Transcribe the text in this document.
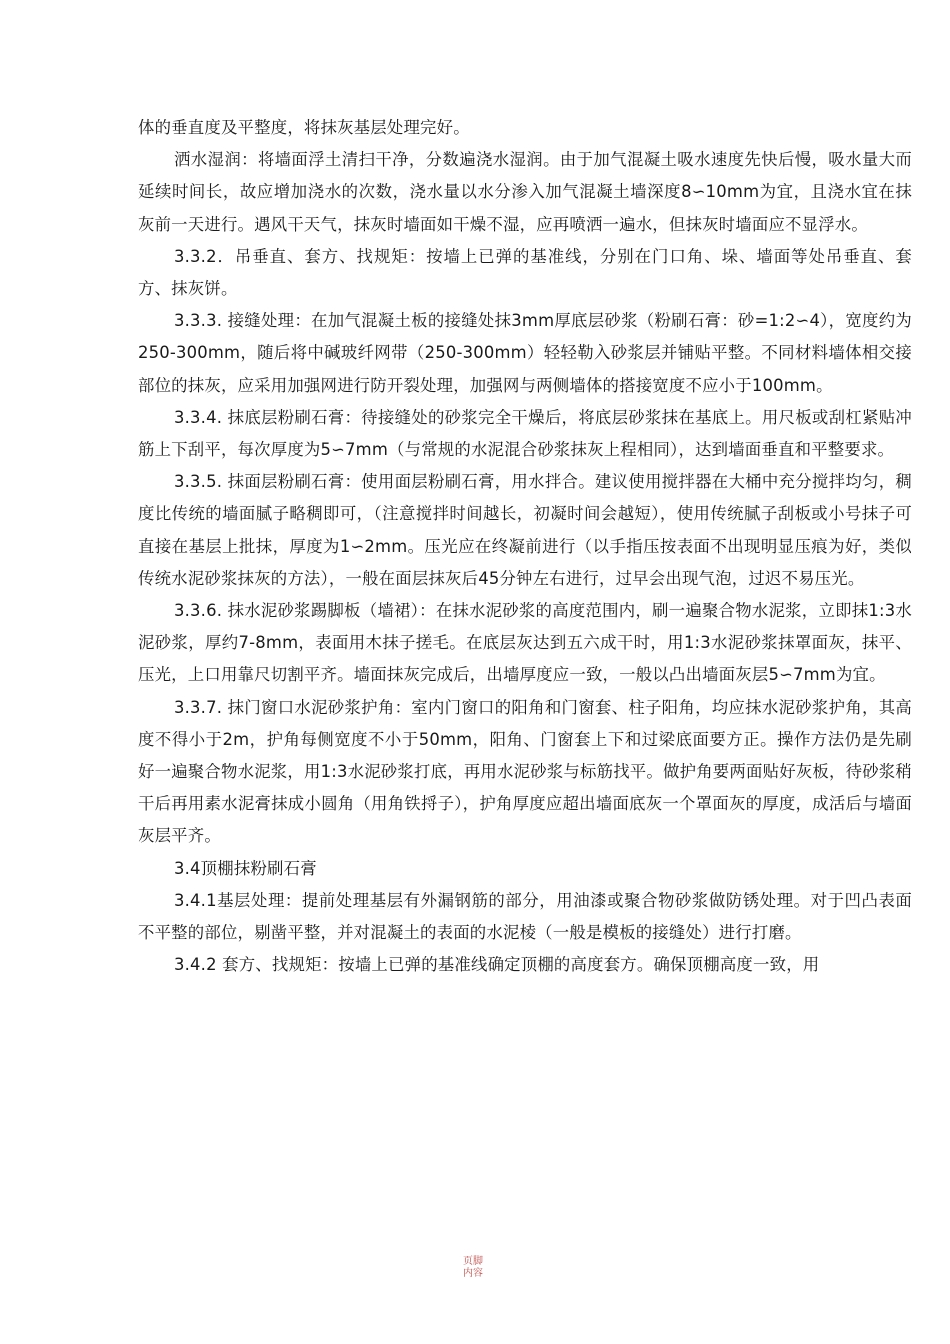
体的垂直度及平整度，将抹灰基层处理完好。

洒水湿润：将墙面浮土清扫干净，分数遍浇水湿润。由于加气混凝土吸水速度先快后慢，吸水量大而延续时间长，故应增加浇水的次数，浇水量以水分渗入加气混凝土墙深度8∽10mm为宜，且浇水宜在抹灰前一天进行。遇风干天气，抹灰时墙面如干燥不湿，应再喷洒一遍水，但抹灰时墙面应不显浮水。

3.3.2．吊垂直、套方、找规矩：按墙上已弹的基准线，分别在门口角、垛、墙面等处吊垂直、套方、抹灰饼。

3.3.3. 接缝处理：在加气混凝土板的接缝处抹3mm厚底层砂浆（粉刷石膏：砂=1:2∽4），宽度约为250-300mm，随后将中碱玻纤网带（250-300mm）轻轻勒入砂浆层并铺贴平整。不同材料墙体相交接部位的抹灰，应采用加强网进行防开裂处理，加强网与两侧墙体的搭接宽度不应小于100mm。

3.3.4. 抹底层粉刷石膏：待接缝处的砂浆完全干燥后，将底层砂浆抹在基底上。用尺板或刮杠紧贴冲筋上下刮平，每次厚度为5∽7mm（与常规的水泥混合砂浆抹灰上程相同），达到墙面垂直和平整要求。

3.3.5. 抹面层粉刷石膏：使用面层粉刷石膏，用水拌合。建议使用搅拌器在大桶中充分搅拌均匀，稠度比传统的墙面腻子略稠即可，（注意搅拌时间越长，初凝时间会越短），使用传统腻子刮板或小号抹子可直接在基层上批抹，厚度为1∽2mm。压光应在终凝前进行（以手指压按表面不出现明显压痕为好，类似传统水泥砂浆抹灰的方法），一般在面层抹灰后45分钟左右进行，过早会出现气泡，过迟不易压光。

3.3.6. 抹水泥砂浆踢脚板（墙裙）：在抹水泥砂浆的高度范围内，刷一遍聚合物水泥浆，立即抹1:3水泥砂浆，厚约7-8mm，表面用木抹子搓毛。在底层灰达到五六成干时，用1:3水泥砂浆抹罩面灰，抹平、压光，上口用靠尺切割平齐。墙面抹灰完成后，出墙厚度应一致，一般以凸出墙面灰层5∽7mm为宜。

3.3.7. 抹门窗口水泥砂浆护角：室内门窗口的阳角和门窗套、柱子阳角，均应抹水泥砂浆护角，其高度不得小于2m，护角每侧宽度不小于50mm，阳角、门窗套上下和过梁底面要方正。操作方法仍是先刷好一遍聚合物水泥浆，用1:3水泥砂浆打底，再用水泥砂浆与标筋找平。做护角要两面贴好灰板，待砂浆稍干后再用素水泥膏抹成小圆角（用角铁捋子），护角厚度应超出墙面底灰一个罩面灰的厚度，成活后与墙面灰层平齐。

3.4顶棚抹粉刷石膏

3.4.1基层处理：提前处理基层有外漏钢筋的部分，用油漆或聚合物砂浆做防锈处理。对于凹凸表面不平整的部位，剔凿平整，并对混凝土的表面的水泥棱（一般是模板的接缝处）进行打磨。

3.4.2 套方、找规矩：按墙上已弹的基准线确定顶棚的高度套方。确保顶棚高度一致，用

页脚内容
